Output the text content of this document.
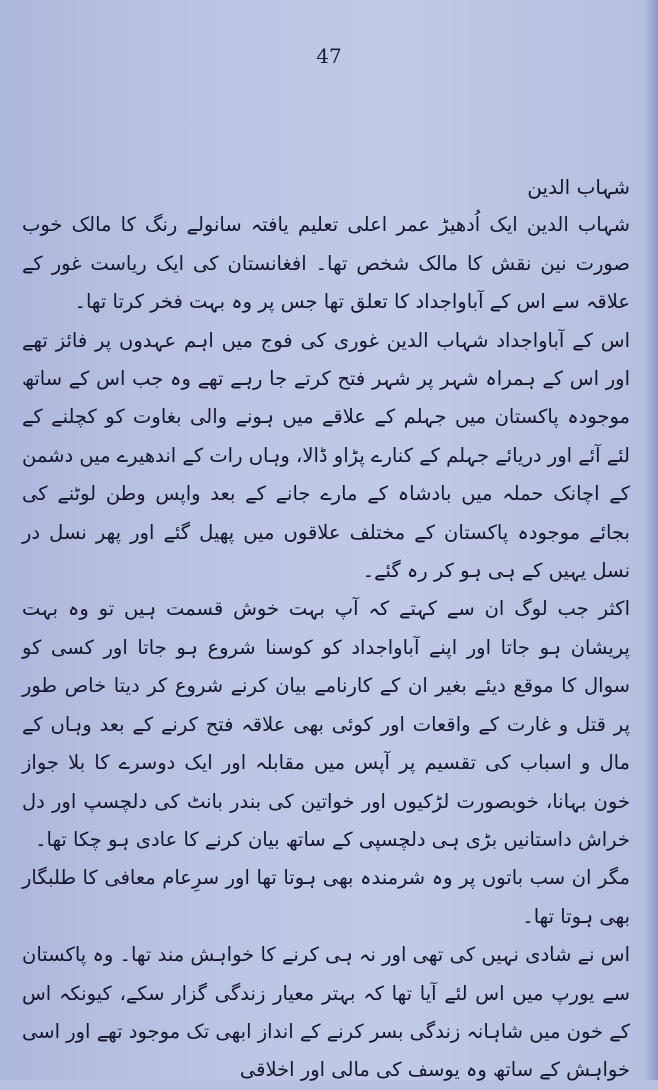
47

شہاب الدین

شہاب الدین ایک اُدھیڑ عمر اعلی تعلیم یافتہ سانولے رنگ کا مالک خوب صورت نین نقش کا مالک شخص تھا۔ افغانستان کی ایک ریاست غور کے علاقہ سے اس کے آباواجداد کا تعلق تھا جس پر وہ بہت فخر کرتا تھا۔

اس کے آباواجداد شہاب الدین غوری کی فوج میں اہم عہدوں پر فائز تھے اور اس کے ہمراہ شہر پر شہر فتح کرتے جا رہے تھے وہ جب اس کے ساتھ موجودہ پاکستان میں جہلم کے علاقے میں ہونے والی بغاوت کو کچلنے کے لئے آئے اور دریائے جہلم کے کنارے پڑاو ڈالا، وہاں رات کے اندھیرے میں دشمن کے اچانک حملہ میں بادشاہ کے مارے جانے کے بعد واپس وطن لوٹنے کی بجائے موجودہ پاکستان کے مختلف علاقوں میں پھیل گئے اور پھر نسل در نسل یہیں کے ہی ہو کر رہ گئے۔

اکثر جب لوگ ان سے کہتے کہ آپ بہت خوش قسمت ہیں تو وہ بہت پریشان ہو جاتا اور اپنے آباواجداد کو کوسنا شروع ہو جاتا اور کسی کو سوال کا موقع دیئے بغیر ان کے کارنامے بیان کرنے شروع کر دیتا خاص طور پر قتل و غارت کے واقعات اور کوئی بھی علاقہ فتح کرنے کے بعد وہاں کے مال و اسباب کی تقسیم پر آپس میں مقابلہ اور ایک دوسرے کا بلا جواز خون بہانا، خوبصورت لڑکیوں اور خواتین کی بندر بانٹ کی دلچسپ اور دل خراش داستانیں بڑی ہی دلچسپی کے ساتھ بیان کرنے کا عادی ہو چکا تھا۔

مگر ان سب باتوں پر وہ شرمندہ بھی ہوتا تھا اور سرِعام معافی کا طلبگار بھی ہوتا تھا۔

اس نے شادی نہیں کی تھی اور نہ ہی کرنے کا خواہش مند تھا۔ وہ پاکستان سے یورپ میں اس لئے آیا تھا کہ بہتر معیار زندگی گزار سکے، کیونکہ اس کے خون میں شاہانہ زندگی بسر کرنے کے انداز ابھی تک موجود تھے اور اسی خواہش کے ساتھ وہ یوسف کی مالی اور اخلاقی
